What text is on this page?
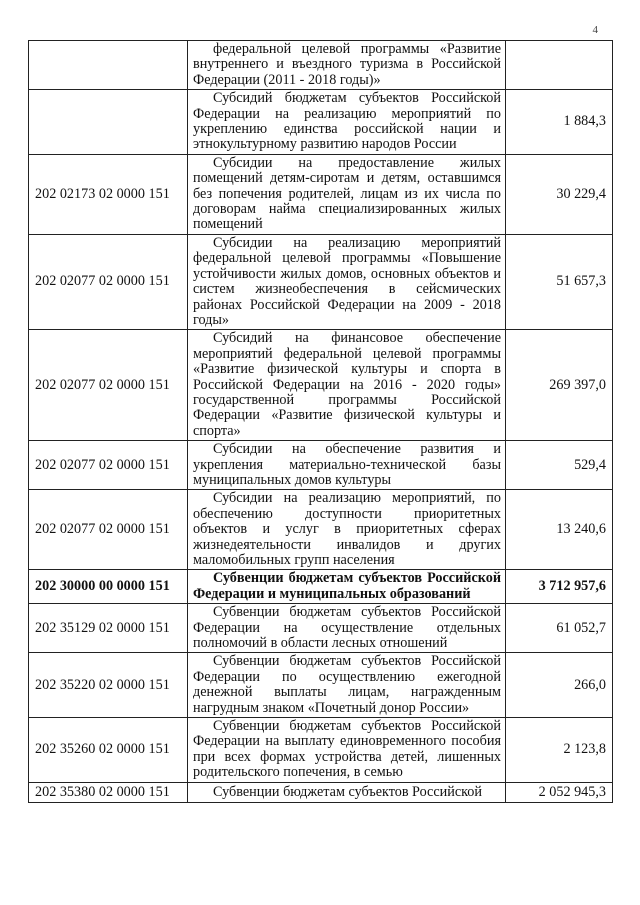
4
	федеральной целевой программы «Развитие внутреннего и въездного туризма в Российской Федерации (2011 - 2018 годы)»	
	Субсидий бюджетам субъектов Российской Федерации на реализацию мероприятий по укреплению единства российской нации и этнокультурному развитию народов России	1 884,3
202 02173 02 0000 151	Субсидии на предоставление жилых помещений детям-сиротам и детям, оставшимся без попечения родителей, лицам из их числа по договорам найма специализированных жилых помещений	30 229,4
202 02077 02 0000 151	Субсидии на реализацию мероприятий федеральной целевой программы «Повышение устойчивости жилых домов, основных объектов и систем жизнеобеспечения в сейсмических районах Российской Федерации на 2009 - 2018 годы»	51 657,3
202 02077 02 0000 151	Субсидий на финансовое обеспечение мероприятий федеральной целевой программы «Развитие физической культуры и спорта в Российской Федерации на 2016 - 2020 годы» государственной программы Российской Федерации «Развитие физической культуры и спорта»	269 397,0
202 02077 02 0000 151	Субсидии на обеспечение развития и укрепления материально-технической базы муниципальных домов культуры	529,4
202 02077 02 0000 151	Субсидии на реализацию мероприятий, по обеспечению доступности приоритетных объектов и услуг в приоритетных сферах жизнедеятельности инвалидов и других маломобильных групп населения	13 240,6
202 30000 00 0000 151	Субвенции бюджетам субъектов Российской Федерации и муниципальных образований	3 712 957,6
202 35129 02 0000 151	Субвенции бюджетам субъектов Российской Федерации на осуществление отдельных полномочий в области лесных отношений	61 052,7
202 35220 02 0000 151	Субвенции бюджетам субъектов Российской Федерации по осуществлению ежегодной денежной выплаты лицам, награжденным нагрудным знаком «Почетный донор России»	266,0
202 35260 02 0000 151	Субвенции бюджетам субъектов Российской Федерации на выплату единовременного пособия при всех формах устройства детей, лишенных родительского попечения, в семью	2 123,8
202 35380 02 0000 151	Субвенции бюджетам субъектов Российской	2 052 945,3
